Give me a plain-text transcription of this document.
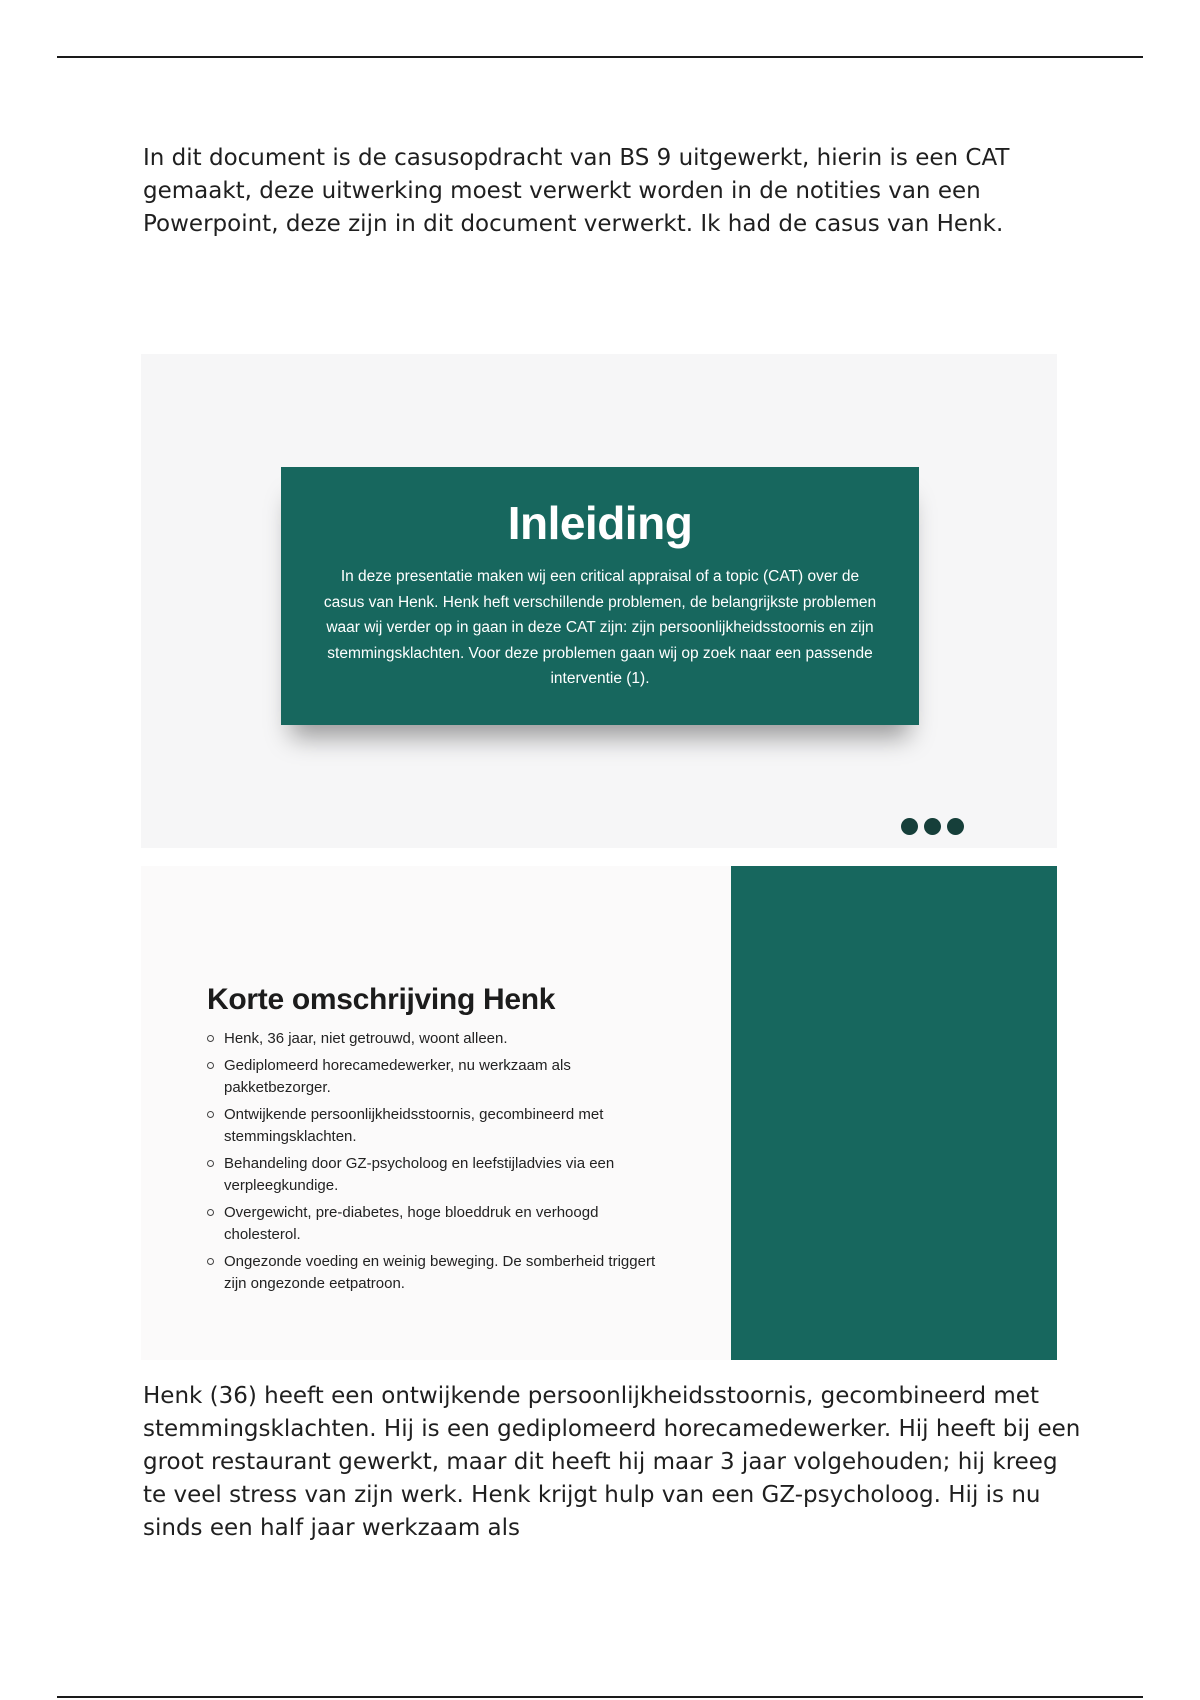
In dit document is de casusopdracht van BS 9 uitgewerkt, hierin is een CAT gemaakt, deze uitwerking moest verwerkt worden in de notities van een Powerpoint, deze zijn in dit document verwerkt. Ik had de casus van Henk.

Inleiding

In deze presentatie maken wij een critical appraisal of a topic (CAT) over de casus van Henk. Henk heft verschillende problemen, de belangrijkste problemen waar wij verder op in gaan in deze CAT zijn: zijn persoonlijkheidsstoornis en zijn stemmingsklachten. Voor deze problemen gaan wij op zoek naar een passende interventie (1).

Korte omschrijving Henk
Henk, 36 jaar, niet getrouwd, woont alleen.
Gediplomeerd horecamedewerker, nu werkzaam als pakketbezorger.
Ontwijkende persoonlijkheidsstoornis, gecombineerd met stemmingsklachten.
Behandeling door GZ-psycholoog en leefstijladvies via een verpleegkundige.
Overgewicht, pre-diabetes, hoge bloeddruk en verhoogd cholesterol.
Ongezonde voeding en weinig beweging. De somberheid triggert zijn ongezonde eetpatroon.

Henk (36) heeft een ontwijkende persoonlijkheidsstoornis, gecombineerd met stemmingsklachten. Hij is een gediplomeerd horecamedewerker. Hij heeft bij een groot restaurant gewerkt, maar dit heeft hij maar 3 jaar volgehouden; hij kreeg te veel stress van zijn werk. Henk krijgt hulp van een GZ-psycholoog. Hij is nu sinds een half jaar werkzaam als
